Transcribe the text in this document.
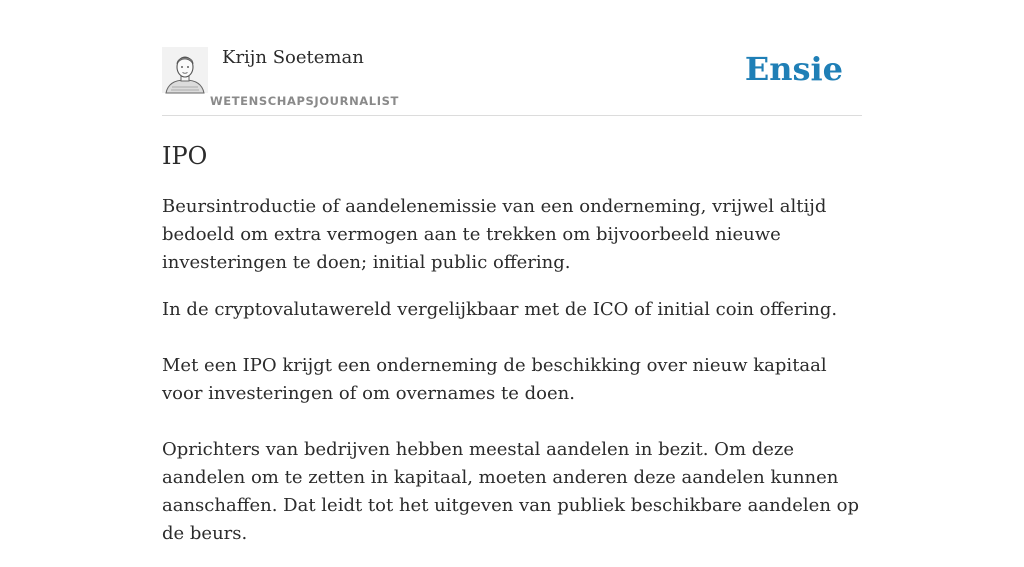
Krijn Soeteman
WETENSCHAPSJOURNALIST
Ensie
IPO

Beursintroductie of aandelenemissie van een onderneming, vrijwel altijd bedoeld om extra vermogen aan te trekken om bijvoorbeeld nieuwe investeringen te doen; initial public offering.

In de cryptovalutawereld vergelijkbaar met de ICO of initial coin offering.

Met een IPO krijgt een onderneming de beschikking over nieuw kapitaal voor investeringen of om overnames te doen.

Oprichters van bedrijven hebben meestal aandelen in bezit. Om deze aandelen om te zetten in kapitaal, moeten anderen deze aandelen kunnen aanschaffen. Dat leidt tot het uitgeven van publiek beschikbare aandelen op de beurs.
